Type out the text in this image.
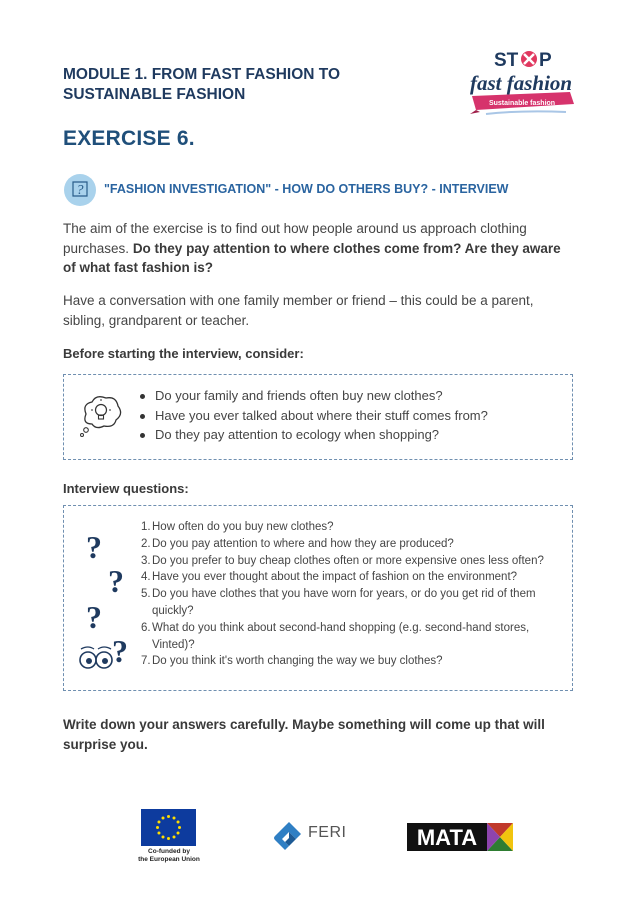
MODULE 1. FROM FAST FASHION TO SUSTAINABLE FASHION
ST P
fast fashion
Sustainable fashion
EXERCISE 6.
? "FASHION INVESTIGATION" - HOW DO OTHERS BUY? - INTERVIEW

The aim of the exercise is to find out how people around us approach clothing purchases. Do they pay attention to where clothes come from? Are they aware of what fast fashion is?

Have a conversation with one family member or friend – this could be a parent, sibling, grandparent or teacher.

Before starting the interview, consider:
Do your family and friends often buy new clothes?
Have you ever talked about where their stuff comes from?
Do they pay attention to ecology when shopping?
Interview questions:
?
?
?
?
1. How often do you buy new clothes?
2. Do you pay attention to where and how they are produced?
3. Do you prefer to buy cheap clothes often or more expensive ones less often?
4. Have you ever thought about the impact of fashion on the environment?
5. Do you have clothes that you have worn for years, or do you get rid of them quickly?
6. What do you think about second-hand shopping (e.g. second-hand stores, Vinted)?
7. Do you think it's worth changing the way we buy clothes?

Write down your answers carefully. Maybe something will come up that will surprise you.

Co-funded by
the European Union
FERI	MATA
